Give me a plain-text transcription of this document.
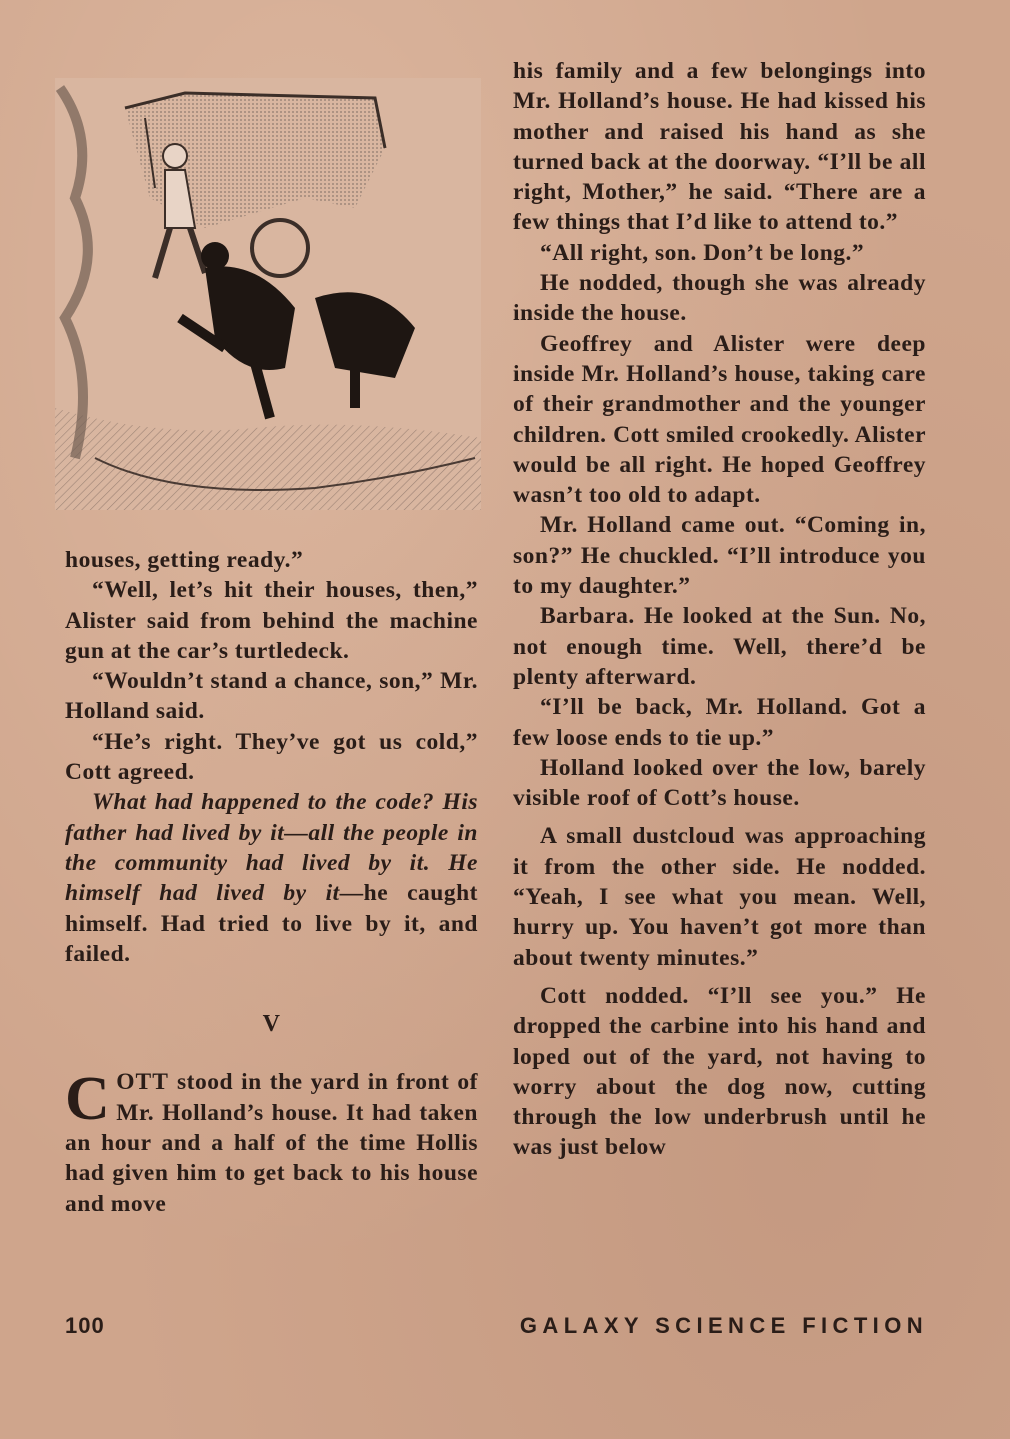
houses, getting ready.”

“Well, let’s hit their houses, then,” Alister said from behind the machine gun at the car’s turtledeck.

“Wouldn’t stand a chance, son,” Mr. Holland said.

“He’s right. They’ve got us cold,” Cott agreed.

What had happened to the code? His father had lived by it—all the people in the community had lived by it. He himself had lived by it—he caught himself. Had tried to live by it, and failed.

V

COTT stood in the yard in front of Mr. Holland’s house. It had taken an hour and a half of the time Hollis had given him to get back to his house and move

his family and a few belongings into Mr. Holland’s house. He had kissed his mother and raised his hand as she turned back at the doorway. “I’ll be all right, Mother,” he said. “There are a few things that I’d like to attend to.”

“All right, son. Don’t be long.”

He nodded, though she was already inside the house.

Geoffrey and Alister were deep inside Mr. Holland’s house, taking care of their grandmother and the younger children. Cott smiled crookedly. Alister would be all right. He hoped Geoffrey wasn’t too old to adapt.

Mr. Holland came out. “Coming in, son?” He chuckled. “I’ll introduce you to my daughter.”

Barbara. He looked at the Sun. No, not enough time. Well, there’d be plenty afterward.

“I’ll be back, Mr. Holland. Got a few loose ends to tie up.”

Holland looked over the low, barely visible roof of Cott’s house.

A small dustcloud was approaching it from the other side. He nodded. “Yeah, I see what you mean. Well, hurry up. You haven’t got more than about twenty minutes.”

Cott nodded. “I’ll see you.” He dropped the carbine into his hand and loped out of the yard, not having to worry about the dog now, cutting through the low underbrush until he was just below

100	GALAXY SCIENCE FICTION
